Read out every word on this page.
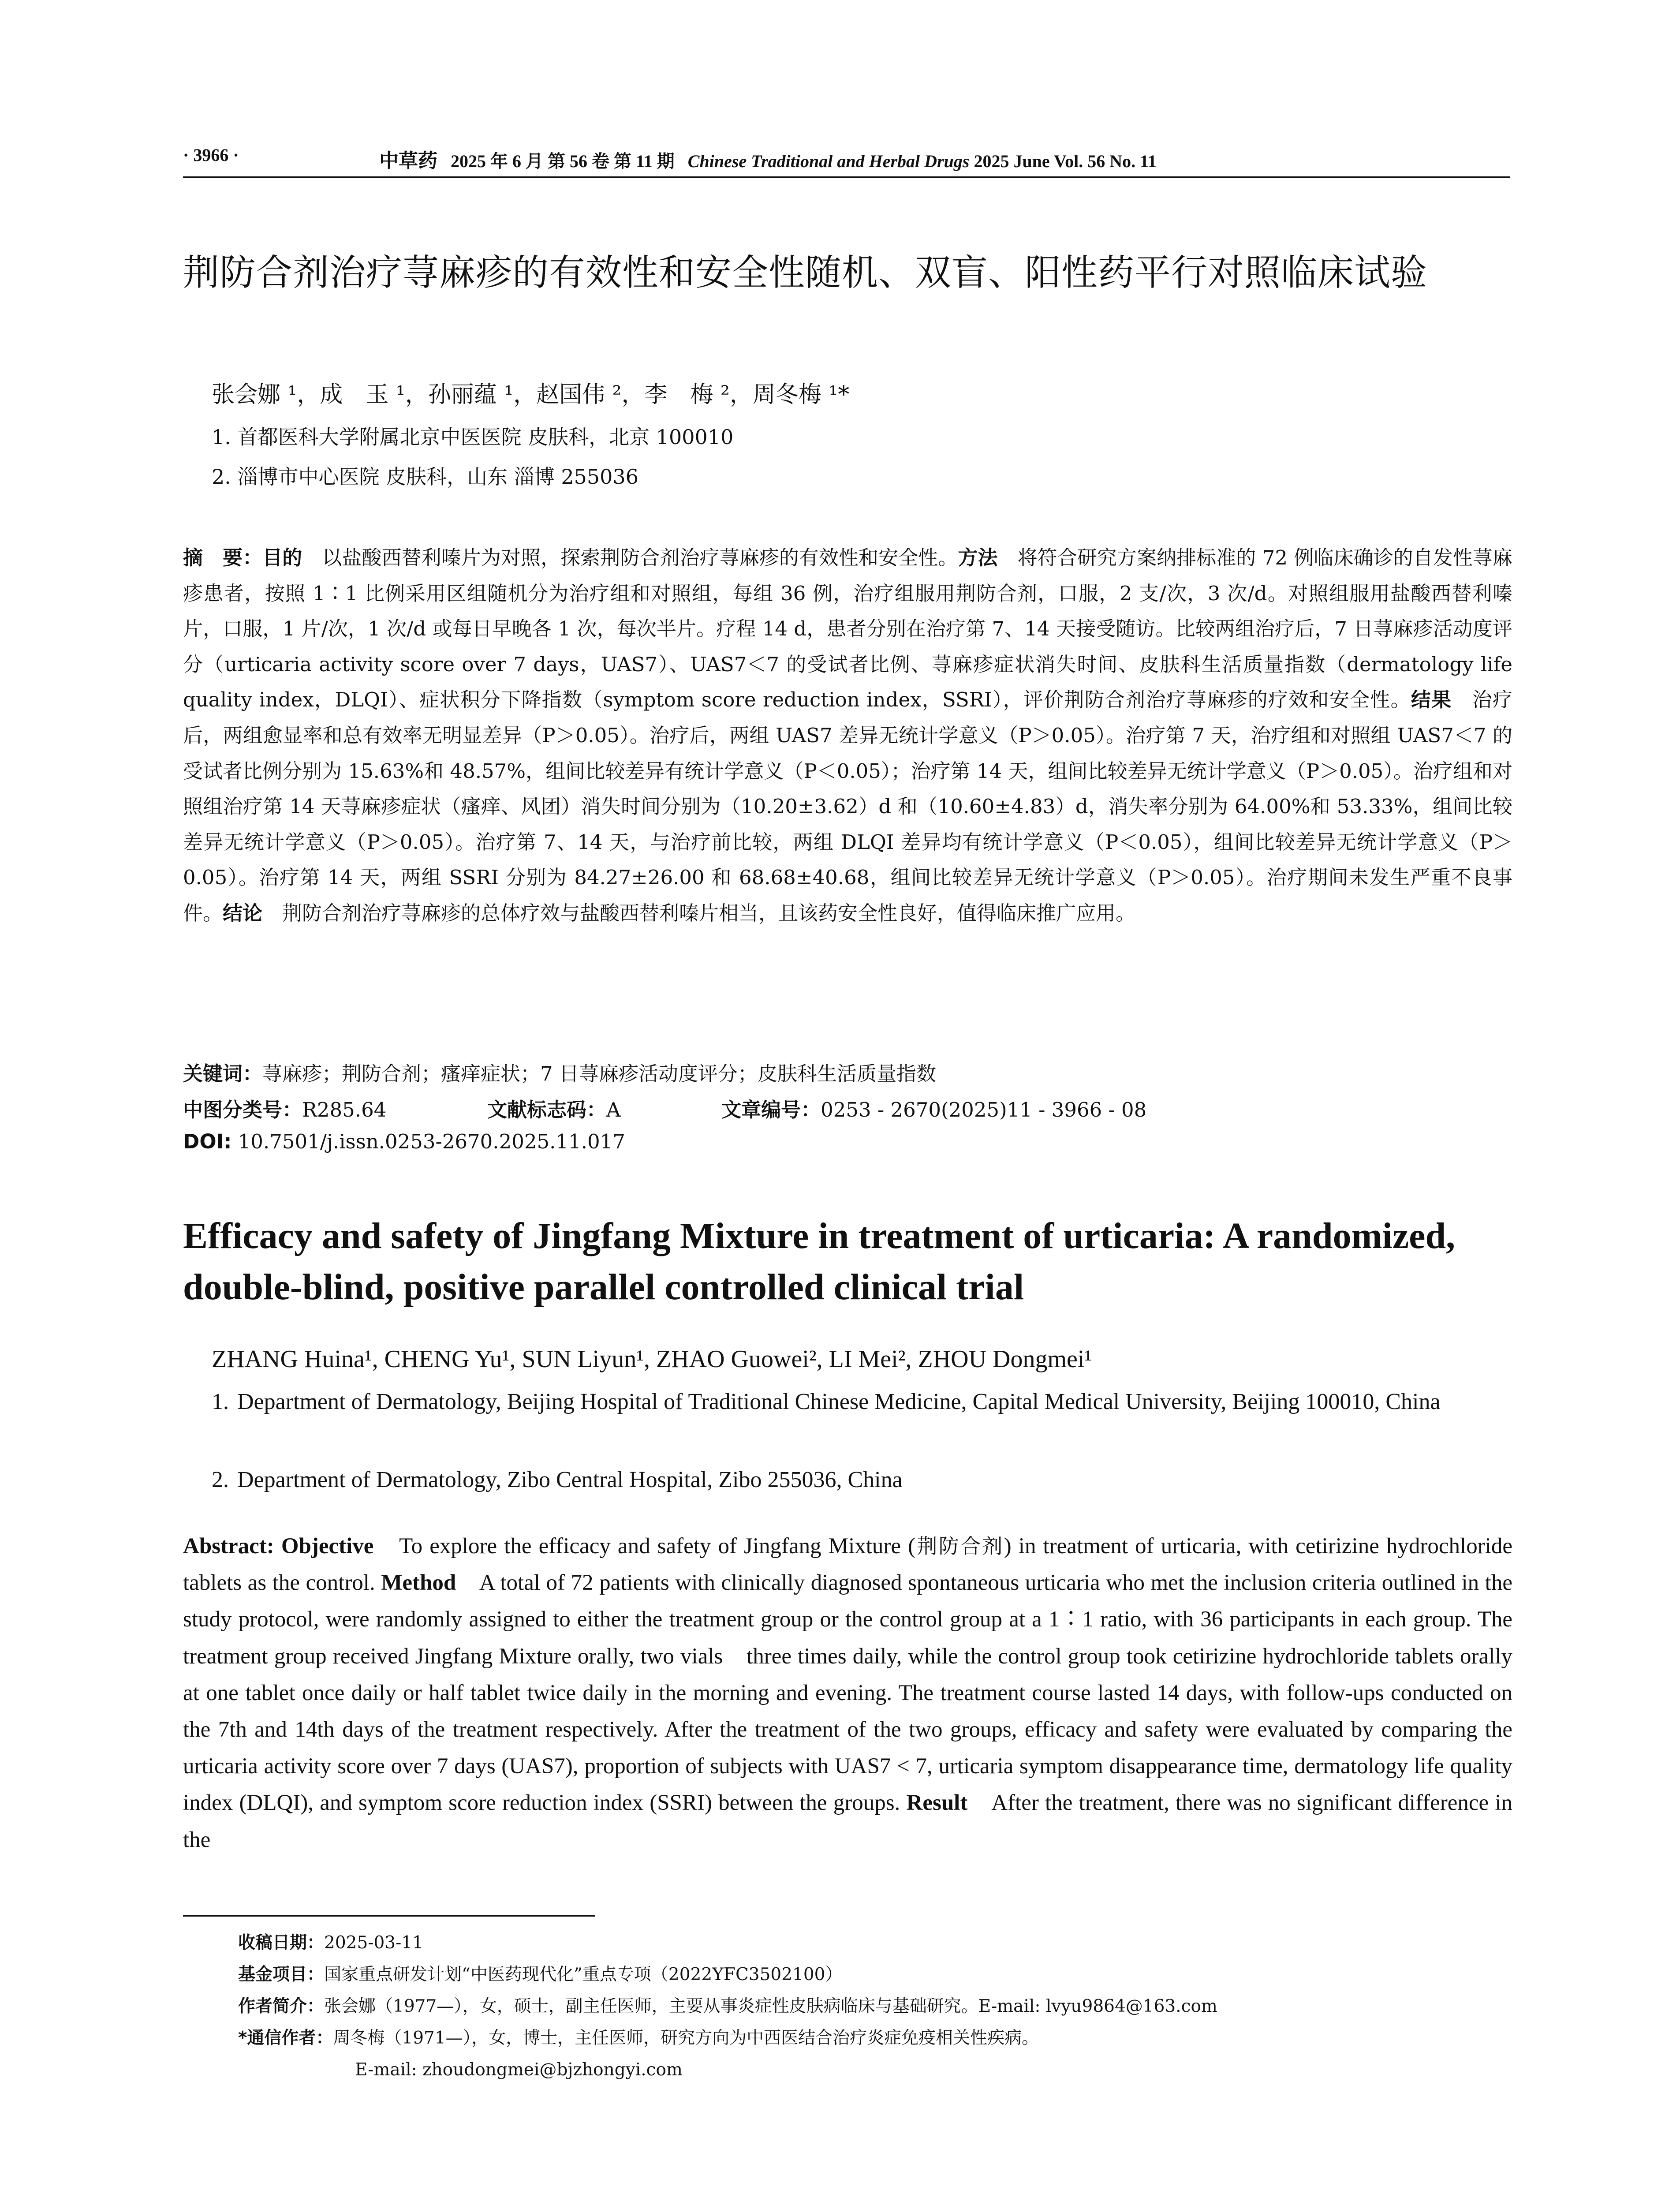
· 3966 ·	中草药 2025 年 6 月 第 56 卷 第 11 期 Chinese Traditional and Herbal Drugs 2025 June Vol. 56 No. 11
荆防合剂治疗荨麻疹的有效性和安全性随机、双盲、阳性药平行对照临床试验
张会娜 ¹，成　玉 ¹，孙丽蕴 ¹，赵国伟 ²，李　梅 ²，周冬梅 ¹*
1. 首都医科大学附属北京中医医院 皮肤科，北京 100010
2. 淄博市中心医院 皮肤科，山东 淄博 255036
摘　要：目的　以盐酸西替利嗪片为对照，探索荆防合剂治疗荨麻疹的有效性和安全性。方法　将符合研究方案纳排标准的 72 例临床确诊的自发性荨麻疹患者，按照 1∶1 比例采用区组随机分为治疗组和对照组，每组 36 例，治疗组服用荆防合剂，口服，2 支/次，3 次/d。对照组服用盐酸西替利嗪片，口服，1 片/次，1 次/d 或每日早晚各 1 次，每次半片。疗程 14 d，患者分别在治疗第 7、14 天接受随访。比较两组治疗后，7 日荨麻疹活动度评分（urticaria activity score over 7 days，UAS7）、UAS7＜7 的受试者比例、荨麻疹症状消失时间、皮肤科生活质量指数（dermatology life quality index，DLQI）、症状积分下降指数（symptom score reduction index，SSRI），评价荆防合剂治疗荨麻疹的疗效和安全性。结果　治疗后，两组愈显率和总有效率无明显差异（P＞0.05）。治疗后，两组 UAS7 差异无统计学意义（P＞0.05）。治疗第 7 天，治疗组和对照组 UAS7＜7 的受试者比例分别为 15.63%和 48.57%，组间比较差异有统计学意义（P＜0.05）；治疗第 14 天，组间比较差异无统计学意义（P＞0.05）。治疗组和对照组治疗第 14 天荨麻疹症状（瘙痒、风团）消失时间分别为（10.20±3.62）d 和（10.60±4.83）d，消失率分别为 64.00%和 53.33%，组间比较差异无统计学意义（P＞0.05）。治疗第 7、14 天，与治疗前比较，两组 DLQI 差异均有统计学意义（P＜0.05），组间比较差异无统计学意义（P＞0.05）。治疗第 14 天，两组 SSRI 分别为 84.27±26.00 和 68.68±40.68，组间比较差异无统计学意义（P＞0.05）。治疗期间未发生严重不良事件。结论　荆防合剂治疗荨麻疹的总体疗效与盐酸西替利嗪片相当，且该药安全性良好，值得临床推广应用。
关键词：荨麻疹；荆防合剂；瘙痒症状；7 日荨麻疹活动度评分；皮肤科生活质量指数
中图分类号：R285.64	文献标志码：A	文章编号：0253 - 2670(2025)11 - 3966 - 08
DOI: 10.7501/j.issn.0253-2670.2025.11.017
Efficacy and safety of Jingfang Mixture in treatment of urticaria: A randomized, double-blind, positive parallel controlled clinical trial
ZHANG Huina¹, CHENG Yu¹, SUN Liyun¹, ZHAO Guowei², LI Mei², ZHOU Dongmei¹
1. Department of Dermatology, Beijing Hospital of Traditional Chinese Medicine, Capital Medical University, Beijing 100010, China
2. Department of Dermatology, Zibo Central Hospital, Zibo 255036, China
Abstract: Objective　To explore the efficacy and safety of Jingfang Mixture (荆防合剂) in treatment of urticaria, with cetirizine hydrochloride tablets as the control. Method　A total of 72 patients with clinically diagnosed spontaneous urticaria who met the inclusion criteria outlined in the study protocol, were randomly assigned to either the treatment group or the control group at a 1∶1 ratio, with 36 participants in each group. The treatment group received Jingfang Mixture orally, two vials　three times daily, while the control group took cetirizine hydrochloride tablets orally at one tablet once daily or half tablet twice daily in the morning and evening. The treatment course lasted 14 days, with follow-ups conducted on the 7th and 14th days of the treatment respectively. After the treatment of the two groups, efficacy and safety were evaluated by comparing the urticaria activity score over 7 days (UAS7), proportion of subjects with UAS7 < 7, urticaria symptom disappearance time, dermatology life quality index (DLQI), and symptom score reduction index (SSRI) between the groups. Result　After the treatment, there was no significant difference in the
收稿日期：2025-03-11
基金项目：国家重点研发计划“中医药现代化”重点专项（2022YFC3502100）
作者简介：张会娜（1977—），女，硕士，副主任医师，主要从事炎症性皮肤病临床与基础研究。E-mail: lvyu9864@163.com
*通信作者：周冬梅（1971—），女，博士，主任医师，研究方向为中西医结合治疗炎症免疫相关性疾病。
E-mail: zhoudongmei@bjzhongyi.com
